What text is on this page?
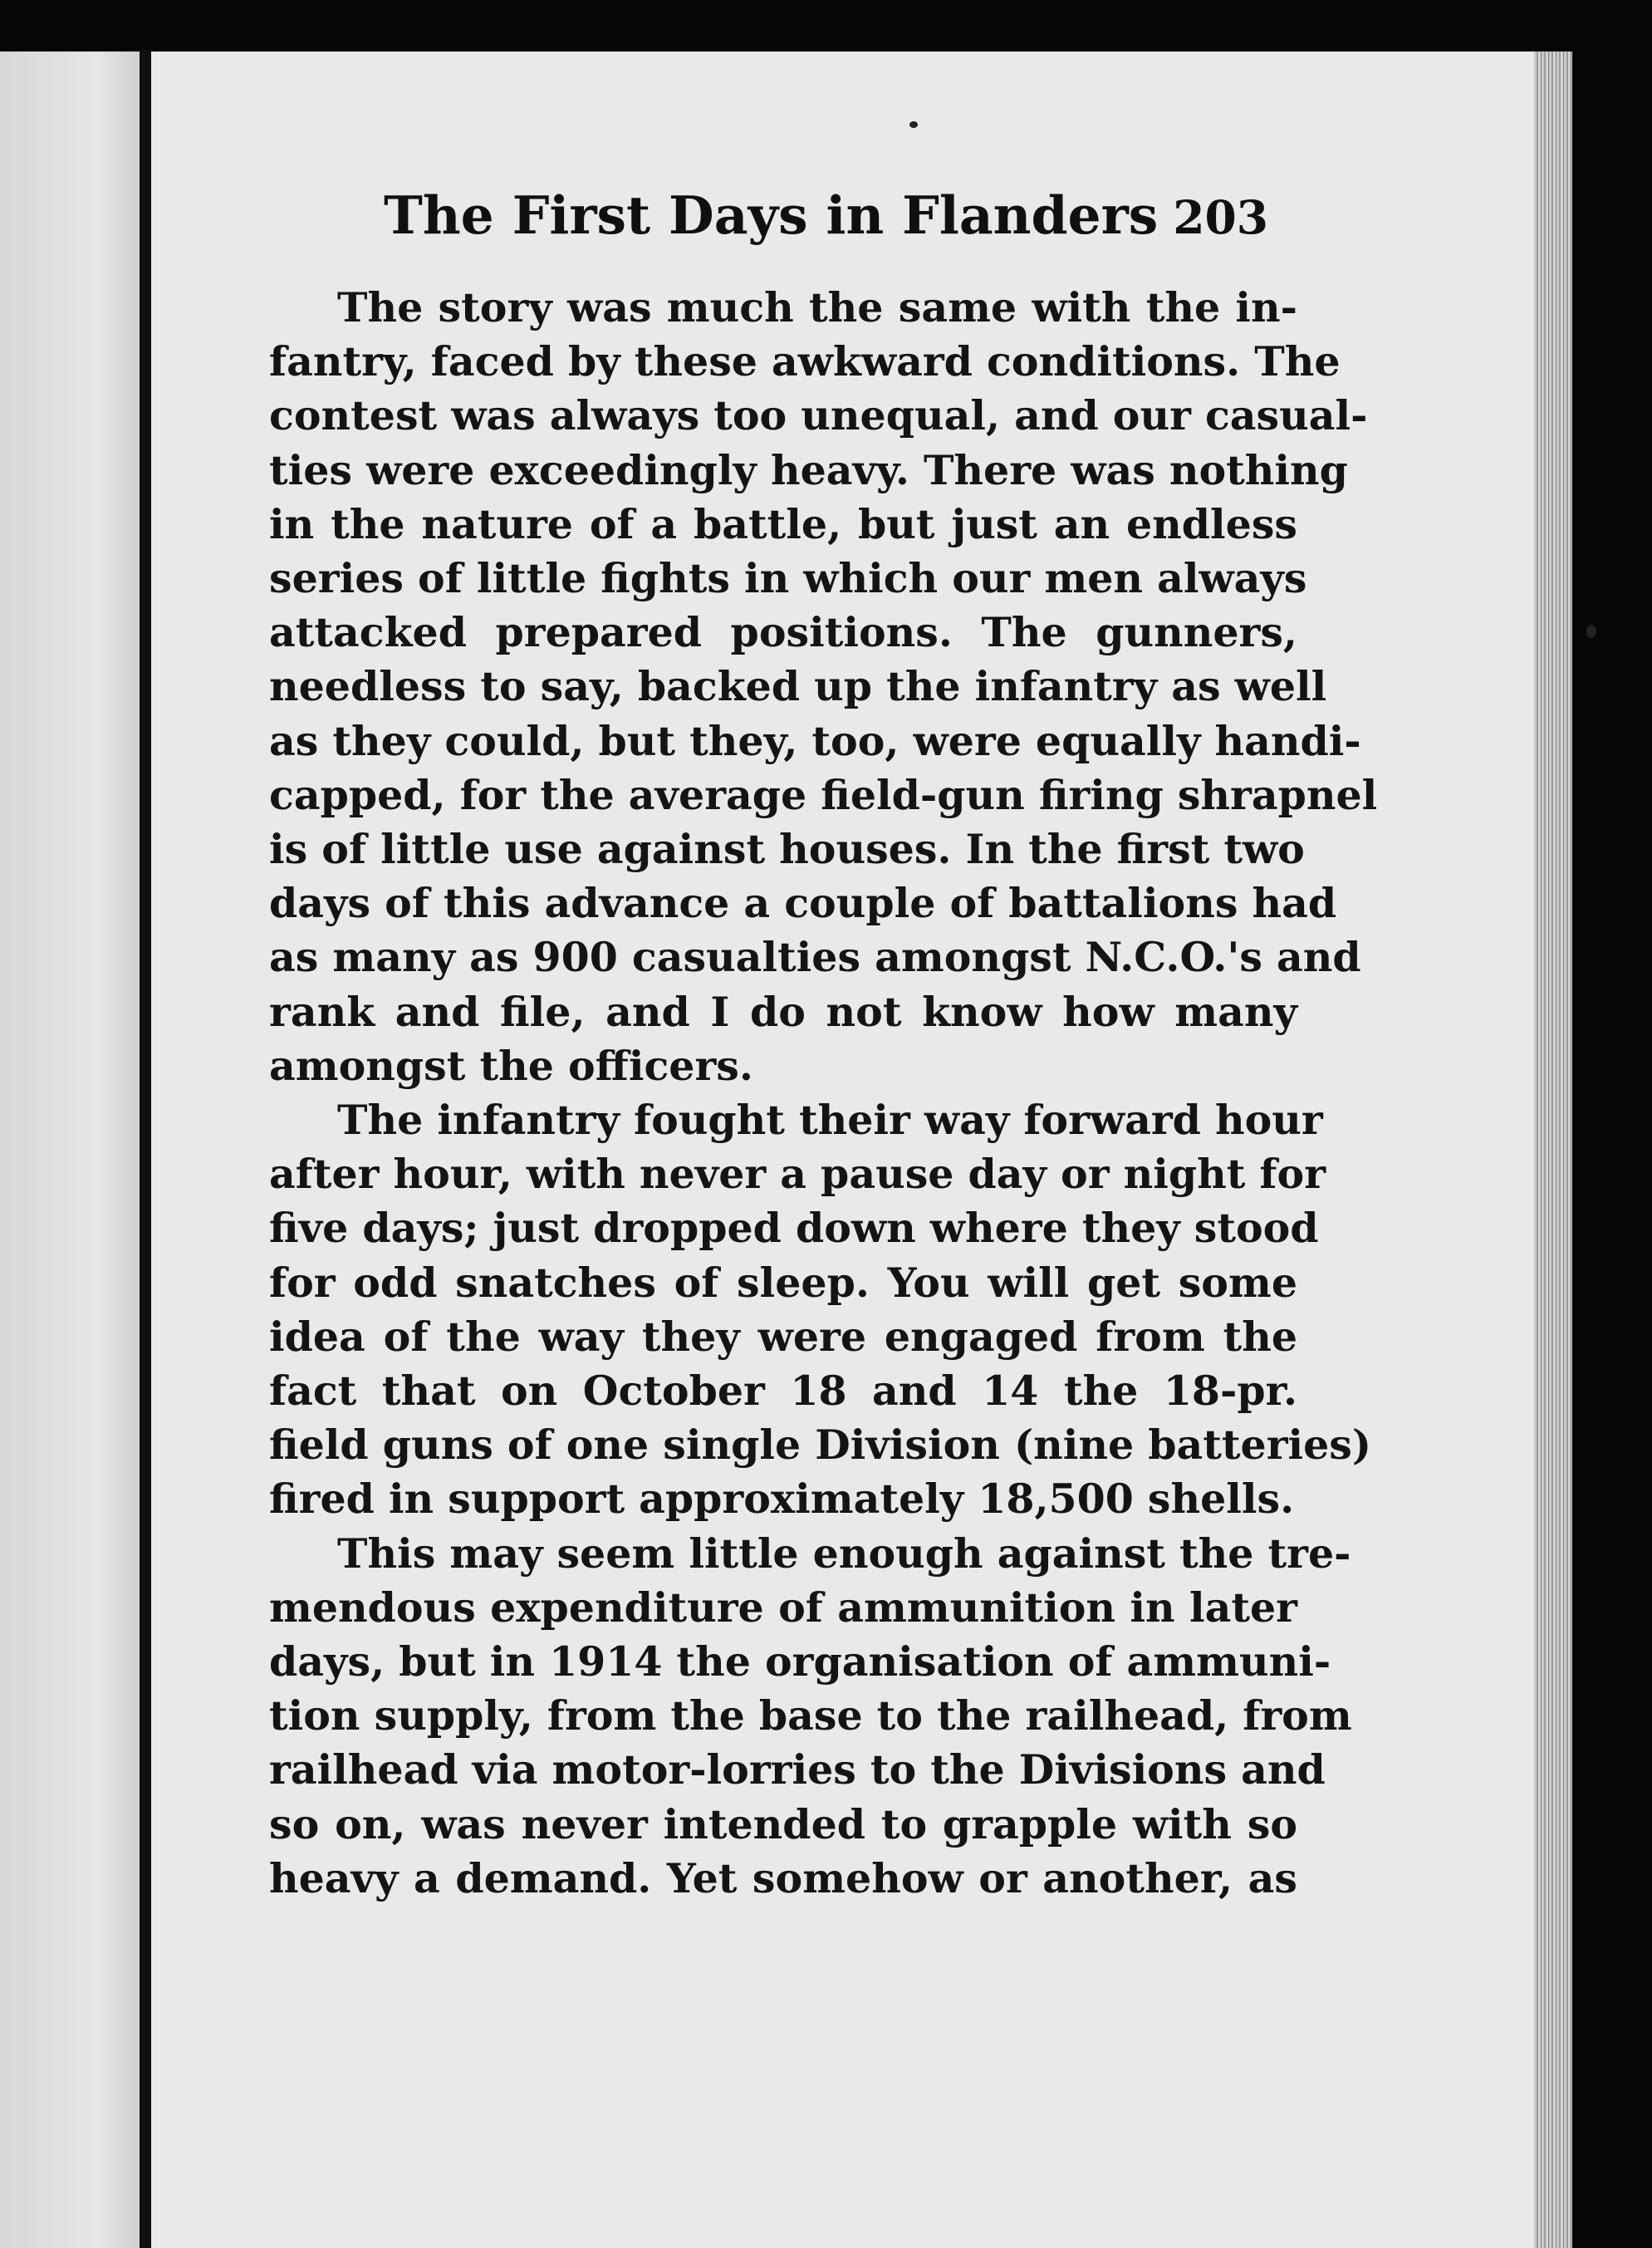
The First Days in Flanders 203
The story was much the same with the in-
fantry, faced by these awkward conditions. The
contest was always too unequal, and our casual-
ties were exceedingly heavy. There was nothing
in the nature of a battle, but just an endless
series of little fights in which our men always
attacked prepared positions. The gunners,
needless to say, backed up the infantry as well
as they could, but they, too, were equally handi-
capped, for the average field-gun firing shrapnel
is of little use against houses. In the first two
days of this advance a couple of battalions had
as many as 900 casualties amongst N.C.O.'s and
rank and file, and I do not know how many
amongst the officers.
The infantry fought their way forward hour
after hour, with never a pause day or night for
five days; just dropped down where they stood
for odd snatches of sleep. You will get some
idea of the way they were engaged from the
fact that on October 18 and 14 the 18-pr.
field guns of one single Division (nine batteries)
fired in support approximately 18,500 shells.
This may seem little enough against the tre-
mendous expenditure of ammunition in later
days, but in 1914 the organisation of ammuni-
tion supply, from the base to the railhead, from
railhead via motor-lorries to the Divisions and
so on, was never intended to grapple with so
heavy a demand. Yet somehow or another, as
